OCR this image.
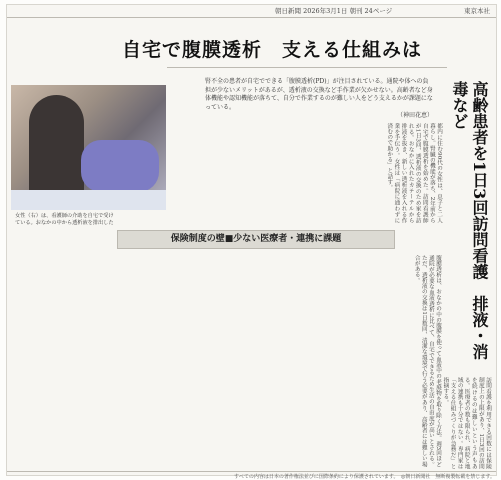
朝日新聞 2026年3月1日 朝刊 24ページ	東京本社
自宅で腹膜透析　支える仕組みは
女性（右）は、看護師の介助を自宅で受けている。おなかの中から透析液を排出した
腎不全の患者が自宅でできる「腹膜透析(PD)」が注目されている。通院や体への負担が少ないメリットがあるが、透析液の交換など手作業が欠かせない。高齢者など身体機能や認知機能が落ちて、自分で作業するのが難しい人をどう支えるかが課題になっている。
（神田花恵）	高齢患者を1日3回訪問看護　排液・消毒など
都内に住む90代の女性は、息子と二人暮らし。腎臓の機能が落ち、2年前から自宅で腹膜透析を始めた。訪問看護師が1日3回、透析液の交換のため家を訪れる。おなかに入れたカテーテルから排液を抜き、新しい透析液を入れる作業を手伝う。女性は「病院に通わずに済むので助かる」と話す。
保険制度の壁■少ない医療者・連携に課題
腹膜透析は、おなかの中の腹膜を使って血液中の老廃物を取り除く方法。週3回ほど通院が必要な血液透析に比べて、自宅でできるため生活の自由度が高いとされる。ただ、透析液の交換は1日数回、清潔な環境で行う必要があり、高齢者には難しい場合がある。
訪問看護を利用できる回数には保険制度上の上限があり、1日3回の訪問を続けるのは難しいという声もある。医療者の数も限られ、病院と地域の連携も十分ではない。専門家は「支える仕組みづくりが急務だ」と指摘する。
すべての内容は日本の著作権法並びに国際条約により保護されています。　◎朝日新聞社　無断複製転載を禁じます。
